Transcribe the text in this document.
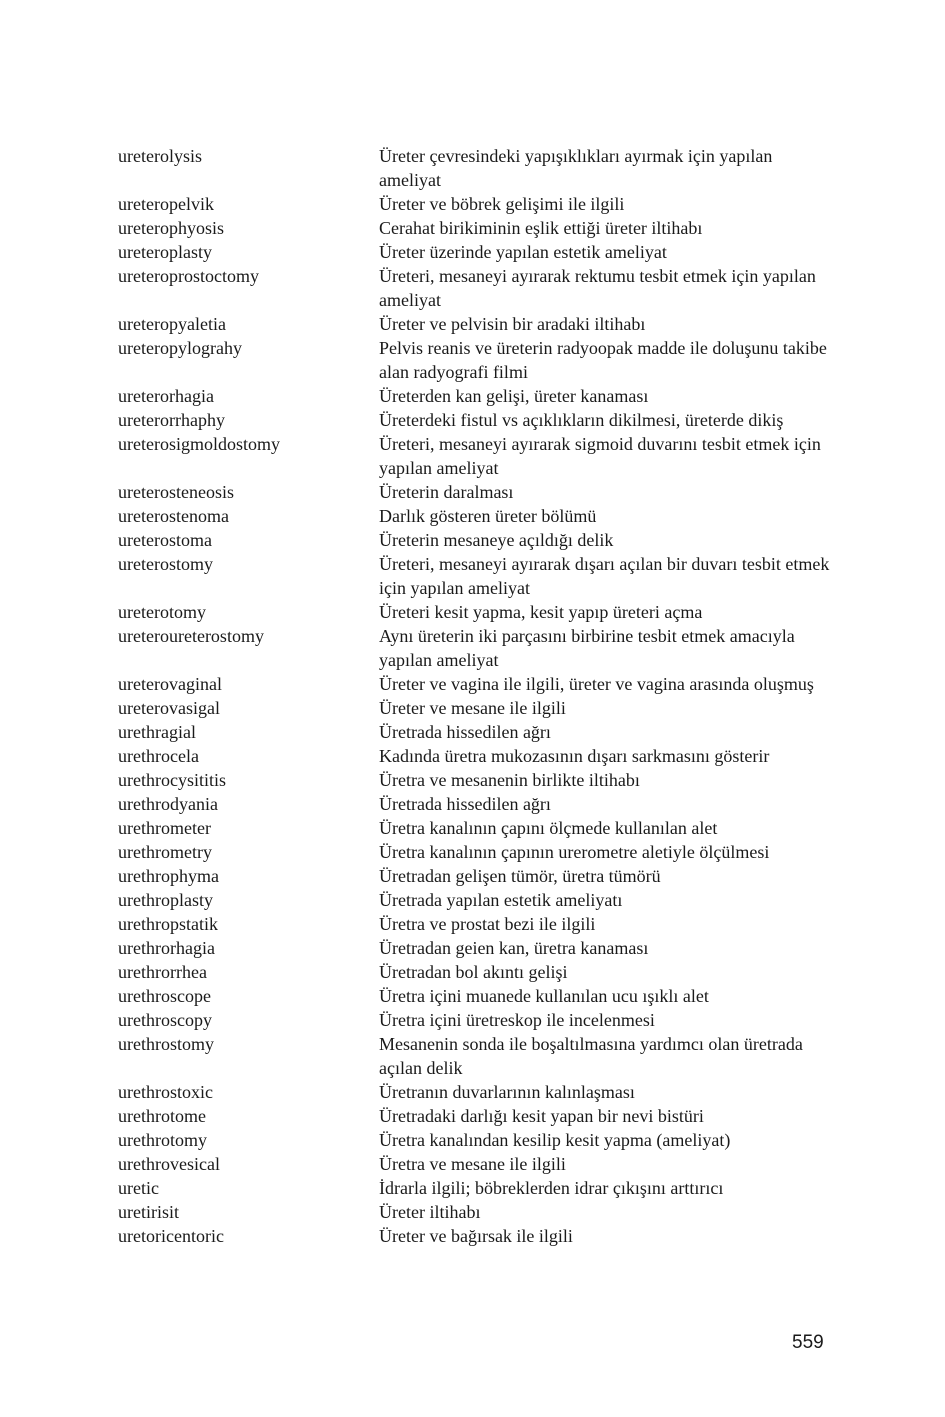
ureterolysis	Üreter çevresindeki yapışıklıkları ayırmak için yapılan ameliyat
ureteropelvik	Üreter ve böbrek gelişimi ile ilgili
ureterophyosis	Cerahat birikiminin eşlik ettiği üreter iltihabı
ureteroplasty	Üreter üzerinde yapılan estetik ameliyat
ureteroprostoctomy	Üreteri, mesaneyi ayırarak rektumu tesbit etmek için yapılan ameliyat
ureteropyaletia	Üreter ve pelvisin bir aradaki iltihabı
ureteropylograhy	Pelvis reanis ve üreterin radyoopak madde ile doluşunu takibe alan radyografi filmi
ureterorhagia	Üreterden kan gelişi, üreter kanaması
ureterorrhaphy	Üreterdeki fistul vs açıklıkların dikilmesi, üreterde dikiş
ureterosigmoldostomy	Üreteri, mesaneyi ayırarak sigmoid duvarını tesbit etmek için yapılan ameliyat
ureterosteneosis	Üreterin daralması
ureterostenoma	Darlık gösteren üreter bölümü
ureterostoma	Üreterin mesaneye açıldığı delik
ureterostomy	Üreteri, mesaneyi ayırarak dışarı açılan bir duvarı tesbit etmek için yapılan ameliyat
ureterotomy	Üreteri kesit yapma, kesit yapıp üreteri açma
ureteroureterostomy	Aynı üreterin iki parçasını birbirine tesbit etmek amacıyla yapılan ameliyat
ureterovaginal	Üreter ve vagina ile ilgili, üreter ve vagina arasında oluşmuş
ureterovasigal	Üreter ve mesane ile ilgili
urethragial	Üretrada hissedilen ağrı
urethrocela	Kadında üretra mukozasının dışarı sarkmasını gösterir
urethrocysititis	Üretra ve mesanenin birlikte iltihabı
urethrodyania	Üretrada hissedilen ağrı
urethrometer	Üretra kanalının çapını ölçmede kullanılan alet
urethrometry	Üretra kanalının çapının urerometre aletiyle ölçülmesi
urethrophyma	Üretradan gelişen tümör, üretra tümörü
urethroplasty	Üretrada yapılan estetik ameliyatı
urethropstatik	Üretra ve prostat bezi ile ilgili
urethrorhagia	Üretradan geien kan, üretra kanaması
urethrorrhea	Üretradan bol akıntı gelişi
urethroscope	Üretra içini muanede kullanılan ucu ışıklı alet
urethroscopy	Üretra içini üretreskop ile incelenmesi
urethrostomy	Mesanenin sonda ile boşaltılmasına yardımcı olan üretrada açılan delik
urethrostoxic	Üretranın duvarlarının kalınlaşması
urethrotome	Üretradaki darlığı kesit yapan bir nevi bistüri
urethrotomy	Üretra kanalından kesilip kesit yapma (ameliyat)
urethrovesical	Üretra ve mesane ile ilgili
uretic	İdrarla ilgili; böbreklerden idrar çıkışını arttırıcı
uretirisit	Üreter iltihabı
uretoricentoric	Üreter ve bağırsak ile ilgili
559
